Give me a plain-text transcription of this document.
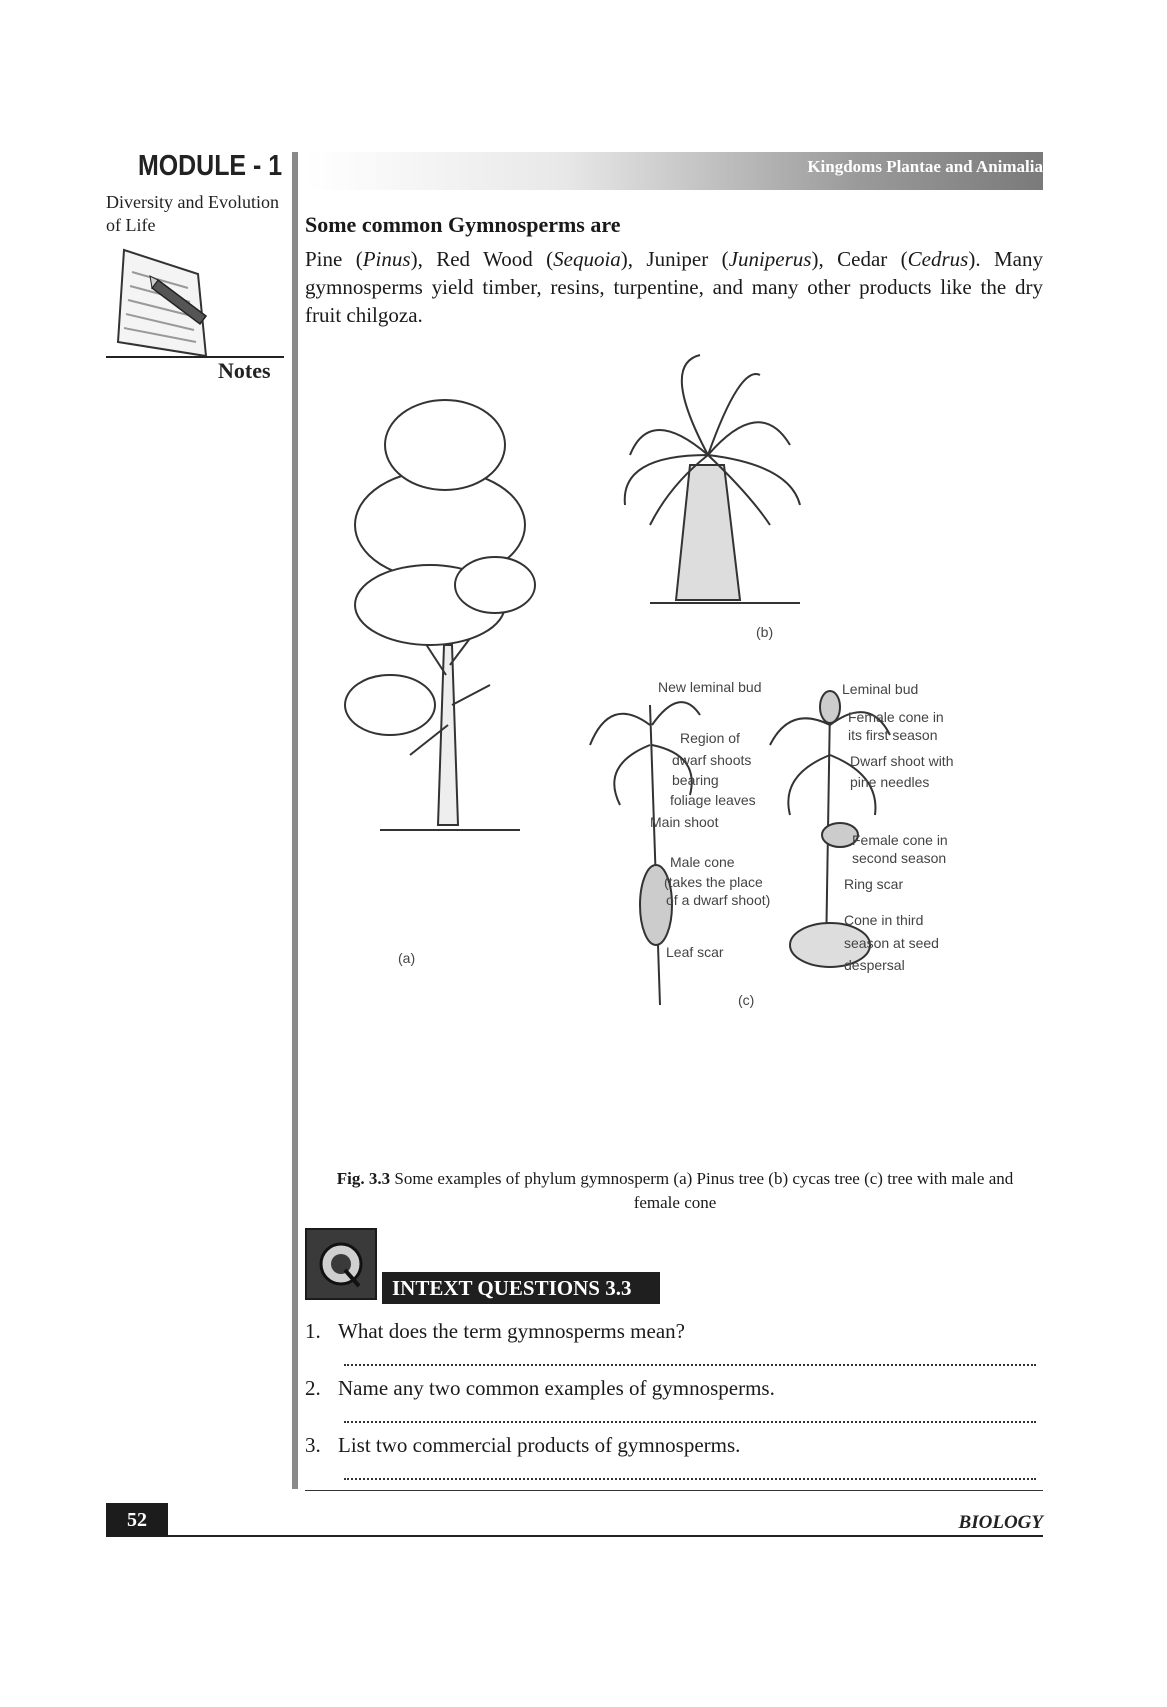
MODULE - 1
Diversity and Evolution of Life
Notes
Kingdoms Plantae and Animalia
Some common Gymnosperms are
Pine (Pinus), Red Wood (Sequoia), Juniper (Juniperus), Cedar (Cedrus). Many gymnosperms yield timber, resins, turpentine, and many other products like the dry fruit chilgoza.
(a)
(b)
New leminal bud	Leminal bud
Female cone in
its first season
Region of
dwarf shoots
bearing
foliage leaves
Dwarf shoot with
pine needles
Main shoot
Female cone in
second season
Male cone
(takes the place
of a dwarf shoot)
Ring scar
Cone in third
season at seed
despersal
Leaf scar
(c)
Fig. 3.3 Some examples of phylum gymnosperm (a) Pinus tree (b) cycas tree (c) tree with male and female cone
INTEXT QUESTIONS 3.3
1. What does the term gymnosperms mean?
2. Name any two common examples of gymnosperms.
3. List two commercial products of gymnosperms.
52	BIOLOGY
